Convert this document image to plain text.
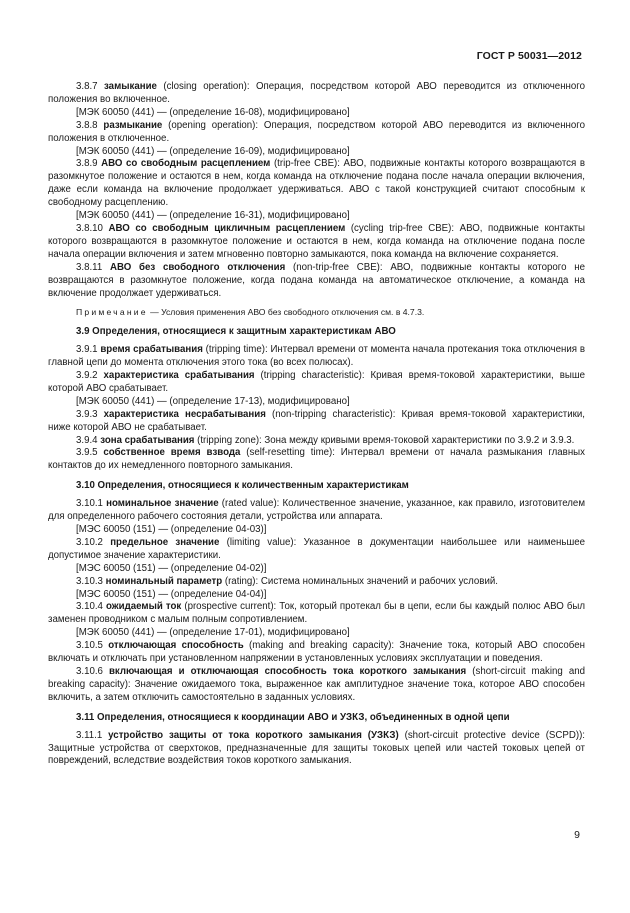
ГОСТ Р 50031—2012

3.8.7 замыкание (closing operation): Операция, посредством которой АВО переводится из отключенного положения во включенное.

[МЭК 60050 (441) — (определение 16-08), модифицировано]

3.8.8 размыкание (opening operation): Операция, посредством которой АВО переводится из включенного положения в отключенное.

[МЭК 60050 (441) — (определение 16-09), модифицировано]

3.8.9 АВО со свободным расцеплением (trip-free CBE): АВО, подвижные контакты которого возвращаются в разомкнутое положение и остаются в нем, когда команда на отключение подана после начала операции включения, даже если команда на включение продолжает удерживаться. АВО с такой конструкцией считают способным к свободному расцеплению.

[МЭК 60050 (441) — (определение 16-31), модифицировано]

3.8.10 АВО со свободным цикличным расцеплением (cycling trip-free CBE): АВО, подвижные контакты которого возвращаются в разомкнутое положение и остаются в нем, когда команда на отключение подана после начала операции включения и затем мгновенно повторно замыкаются, пока команда на включение сохраняется.

3.8.11 АВО без свободного отключения (non-trip-free CBE): АВО, подвижные контакты которого не возвращаются в разомкнутое положение, когда подана команда на автоматическое отключение, а команда на включение продолжает удерживаться.

Примечание — Условия применения АВО без свободного отключения см. в 4.7.3.

3.9 Определения, относящиеся к защитным характеристикам АВО

3.9.1 время срабатывания (tripping time): Интервал времени от момента начала протекания тока отключения в главной цепи до момента отключения этого тока (во всех полюсах).

3.9.2 характеристика срабатывания (tripping characteristic): Кривая время-токовой характеристики, выше которой АВО срабатывает.

[МЭК 60050 (441) — (определение 17-13), модифицировано]

3.9.3 характеристика несрабатывания (non-tripping characteristic): Кривая время-токовой характеристики, ниже которой АВО не срабатывает.

3.9.4 зона срабатывания (tripping zone): Зона между кривыми время-токовой характеристики по 3.9.2 и 3.9.3.

3.9.5 собственное время взвода (self-resetting time): Интервал времени от начала размыкания главных контактов до их немедленного повторного замыкания.

3.10 Определения, относящиеся к количественным характеристикам

3.10.1 номинальное значение (rated value): Количественное значение, указанное, как правило, изготовителем для определенного рабочего состояния детали, устройства или аппарата.

[МЭС 60050 (151) — (определение 04-03)]

3.10.2 предельное значение (limiting value): Указанное в документации наибольшее или наименьшее допустимое значение характеристики.

[МЭС 60050 (151) — (определение 04-02)]

3.10.3 номинальный параметр (rating): Система номинальных значений и рабочих условий.

[МЭС 60050 (151) — (определение 04-04)]

3.10.4 ожидаемый ток (prospective current): Ток, который протекал бы в цепи, если бы каждый полюс АВО был заменен проводником с малым полным сопротивлением.

[МЭК 60050 (441) — (определение 17-01), модифицировано]

3.10.5 отключающая способность (making and breaking capacity): Значение тока, который АВО способен включать и отключать при установленном напряжении в установленных условиях эксплуатации и поведения.

3.10.6 включающая и отключающая способность тока короткого замыкания (short-circuit making and breaking capacity): Значение ожидаемого тока, выраженное как амплитудное значение тока, которое АВО способен включить, а затем отключить самостоятельно в заданных условиях.

3.11 Определения, относящиеся к координации АВО и УЗКЗ, объединенных в одной цепи

3.11.1 устройство защиты от тока короткого замыкания (УЗКЗ) (short-circuit protective device (SCPD)): Защитные устройства от сверхтоков, предназначенные для защиты токовых цепей или частей токовых цепей от повреждений, вследствие воздействия токов короткого замыкания.

9
